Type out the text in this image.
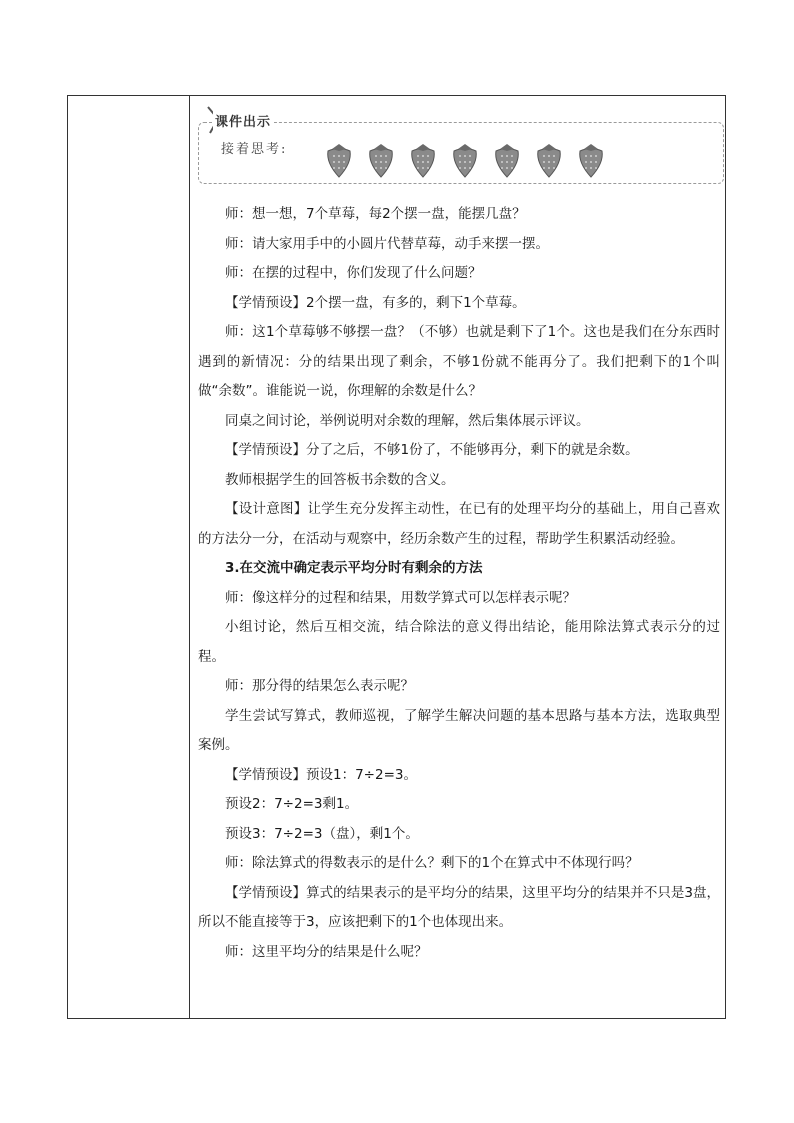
课件出示
接着思考:

师：想一想，7个草莓，每2个摆一盘，能摆几盘？

师：请大家用手中的小圆片代替草莓，动手来摆一摆。

师：在摆的过程中，你们发现了什么问题？

【学情预设】2个摆一盘，有多的，剩下1个草莓。

师：这1个草莓够不够摆一盘？（不够）也就是剩下了1个。这也是我们在分东西时遇到的新情况：分的结果出现了剩余，不够1份就不能再分了。我们把剩下的1个叫做“余数”。谁能说一说，你理解的余数是什么？

同桌之间讨论，举例说明对余数的理解，然后集体展示评议。

【学情预设】分了之后，不够1份了，不能够再分，剩下的就是余数。

教师根据学生的回答板书余数的含义。

【设计意图】让学生充分发挥主动性，在已有的处理平均分的基础上，用自己喜欢的方法分一分，在活动与观察中，经历余数产生的过程，帮助学生积累活动经验。

3.在交流中确定表示平均分时有剩余的方法

师：像这样分的过程和结果，用数学算式可以怎样表示呢？

小组讨论，然后互相交流，结合除法的意义得出结论，能用除法算式表示分的过程。

师：那分得的结果怎么表示呢？

学生尝试写算式，教师巡视，了解学生解决问题的基本思路与基本方法，选取典型案例。

【学情预设】预设1：7÷2=3。

预设2：7÷2=3剩1。

预设3：7÷2=3（盘），剩1个。

师：除法算式的得数表示的是什么？剩下的1个在算式中不体现行吗？

【学情预设】算式的结果表示的是平均分的结果，这里平均分的结果并不只是3盘，所以不能直接等于3，应该把剩下的1个也体现出来。

师：这里平均分的结果是什么呢？
